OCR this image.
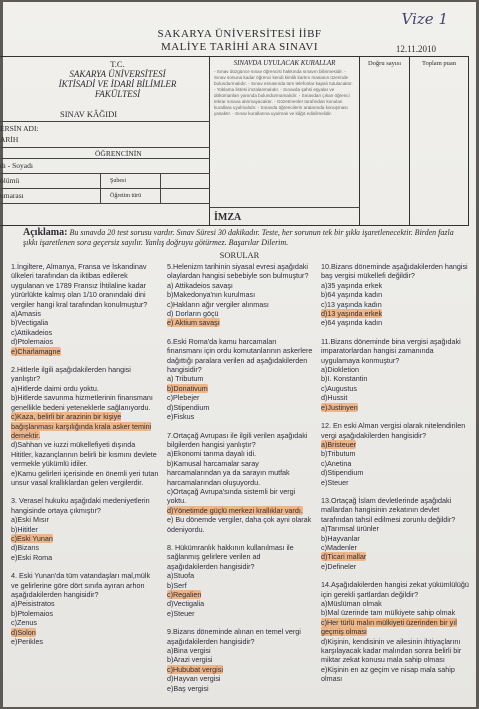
Vize 1
SAKARYA ÜNİVERSİTESİ İİBF
MALİYE TARİHİ ARA SINAVI	12.11.2010
T.C.
SAKARYA ÜNİVERSİTESİ
İKTİSADİ VE İDARİ BİLİMLER
FAKÜLTESİ
SINAV KÂĞIDI
ERSİN ADI:
ARİH
ÖĞRENCİNİN
dı - Soyadı
ölümü	Şubesi
umarası	Öğretim türü
SINAVDA UYULACAK KURALLAR
- Sınav düzgünce sınav öğrencisi hakkında sınavın bilinmesidir. - Sınav sonuna kadar öğrenci kendi kimlik kartını masanın üzerinde bulundurmalıdır. - Sınav esnasında tüm telefonlar kapalı tutulacaktır. - Yoklama listesi imzalanmalıdır. - Sınavda şahsi eşyalar ve dökümanları yanında bulundurmamalıdır. - Sınavdan çıkan öğrenci tekrar sınava alınmayacaktır. - Gözetmenler tarafından konulan kurallara uyulmalıdır. - Sınavda öğrencilerin aralarında konuşması yasaktır. - Sınav kurallarına uyulmalı ve kâğıt edinilmelidir.
İMZA
Doğru sayısı	Toplam puan
Açıklama: Bu sınavda 20 test sorusu vardır. Sınav Süresi 30 dakikadır. Teste, her sorunun tek bir şıkkı işaretlenecektir. Birden fazla şıkkı işaretlenen sora geçersiz sayılır. Yanlış doğruyu götürmez. Başarılar Dilerim.
SORULAR
1.İngiltere, Almanya, Fransa ve İskandinav ülkeleri tarafından da iktibas edilerek uygulanan ve 1789 Fransız İhtilaline kadar yürürlükte kalmış olan 1/10 oranındaki dini vergiler hangi kral tarafından konulmuştur?
a)Amasis
b)Vectigalia
c)Attikadeios
d)Ptolemaios
e)Charlamagne
2.Hitlerle ilgili aşağıdakilerden hangisi yanlıştır?
a)Hitlerde daimi ordu yoktu.
b)Hitlerde savunma hizmetlerinin finansmanı genellikle bedeni yeteneklerle sağlanıyordu.
c)Kaza, belirli bir arazinin bir kişiye bağışlanması karşılığında krala asker temini demektir.
d)Sahhan ve iuzzi mükellefiyeti dışında Hititler, kazançlarının belirli bir kısmını devlete vermekle yükümlü idiler.
e)Kamu gelirleri içerisinde en önemli yeri tutan unsur vasal krallıklardan gelen vergilerdir.
3. Verasel hukuku aşağıdaki medeniyetlerin hangisinde ortaya çıkmıştır?
a)Eski Mısır
b)Hititler
c)Eski Yunan
d)Bizans
e)Eski Roma
4. Eski Yunan'da tüm vatandaşları mal,mülk ve gelirlerine göre dört sınıfa ayıran arhon aşağıdakilerden hangisidir?
a)Peisistratos
b)Ptolemaios
c)Zenus
d)Solon
e)Perikles
5.Helenizm tarihinin siyasal evresi aşağıdaki olaylardan hangisi sebebiyle son bulmuştur?
a) Attikadeios savaşı
b)Makedonya'nın kurulması
c)Hakların ağır vergiler alınması
d) Dorların göçü
e) Aktium savaşı
6.Eski Roma'da kamu harcamaları finansmanı için ordu komutanlarının askerlere dağıttığı paralara verilen ad aşağıdakilerden hangisidir?
a) Tributum
b)Donativum
c)Plebejer
d)Stipendium
e)Fiskus
7.Ortaçağ Avrupası ile ilgili verilen aşağıdaki bilgilerden hangisi yanlıştır?
a)Ekonomi tarıma dayalı idi.
b)Kamusal harcamalar saray harcamalarından ya da sarayın mutfak harcamalarından oluşuyordu.
c)Ortaçağ Avrupa'sında sistemli bir vergi yoktu.
d)Yönetimde güçlü merkezi krallıklar vardı.
e) Bu dönemde vergiler, daha çok ayni olarak ödeniyordu.
8. Hükümranlık hakkının kullanılması ile sağlanmış gelirlere verilen ad aşağıdakilerden hangisidir?
a)Stuofa
b)Serf
c)Regalien
d)Vectigalia
e)Steuer
9.Bizans döneminde alınan en temel vergi aşağıdakilerden hangisidir?
a)Bina vergisi
b)Arazi vergisi
c)Hububat vergisi
d)Hayvan vergisi
e)Baş vergisi
10.Bizans döneminde aşağıdakilerden hangisi baş vergisi mükellefi değildir?
a)35 yaşında erkek
b)64 yaşında kadın
c)13 yaşında kadın
d)13 yaşında erkek
e)64 yaşında kadın
11.Bizans döneminde bina vergisi aşağıdaki imparatorlardan hangisi zamanında uygulamaya konmuştur?
a)Diokletion
b)I. Konstantin
c)Augustus
d)Hussit
e)Justinyen
12. En eski Alman vergisi olarak nitelendirilen vergi aşağıdakilerden hangisidir?
a)Bristeuer
b)Tributum
c)Anetina
d)Stipendium
e)Steuer
13.Ortaçağ İslam devletlerinde aşağıdaki mallardan hangisinin zekatının devlet tarafından tahsil edilmesi zorunlu değildir?
a)Tarımsal ürünler
b)Hayvanlar
c)Madenler
d)Ticari mallar
e)Defineler
14.Aşağıdakilerden hangisi zekat yükümlülüğü için gerekli şartlardan değildir?
a)Müslüman olmak
b)Mal üzerinde tam mülkiyete sahip olmak
c)Her türlü malın mülkiyeti üzerinden bir yıl geçmiş olması
d)Kişinin, kendisinin ve ailesinin ihtiyaçlarını karşılayacak kadar malından sonra belirli bir miktar zekat konusu mala sahip olması
e)Kişinin en az geçim ve nisap mala sahip olması
